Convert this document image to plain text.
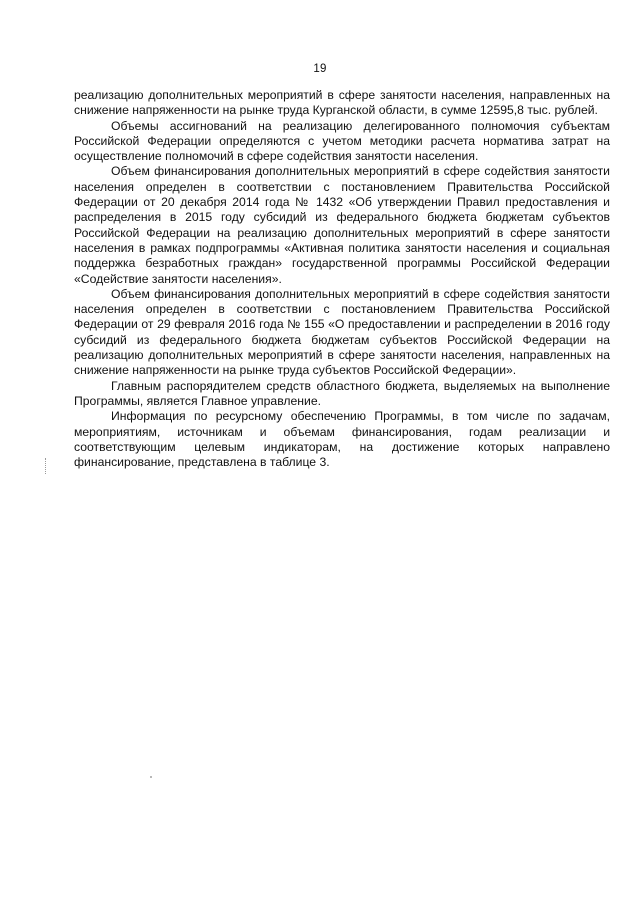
19

реализацию дополнительных мероприятий в сфере занятости населения, направленных на снижение напряженности на рынке труда Курганской области, в сумме 12595,8 тыс. рублей.

Объемы ассигнований на реализацию делегированного полномочия субъектам Российской Федерации определяются с учетом методики расчета норматива затрат на осуществление полномочий в сфере содействия занятости населения.

Объем финансирования дополнительных мероприятий в сфере содействия занятости населения определен в соответствии с постановлением Правительства Российской Федерации от 20 декабря 2014 года № 1432 «Об утверждении Правил предоставления и распределения в 2015 году субсидий из федерального бюджета бюджетам субъектов Российской Федерации на реализацию дополнительных мероприятий в сфере занятости населения в рамках подпрограммы «Активная политика занятости населения и социальная поддержка безработных граждан» государственной программы Российской Федерации «Содействие занятости населения».

Объем финансирования дополнительных мероприятий в сфере содействия занятости населения определен в соответствии с постановлением Правительства Российской Федерации от 29 февраля 2016 года № 155 «О предоставлении и распределении в 2016 году субсидий из федерального бюджета бюджетам субъектов Российской Федерации на реализацию дополнительных мероприятий в сфере занятости населения, направленных на снижение напряженности на рынке труда субъектов Российской Федерации».

Главным распорядителем средств областного бюджета, выделяемых на выполнение Программы, является Главное управление.

Информация по ресурсному обеспечению Программы, в том числе по задачам, мероприятиям, источникам и объемам финансирования, годам реализации и соответствующим целевым индикаторам, на достижение которых направлено финансирование, представлена в таблице 3.
